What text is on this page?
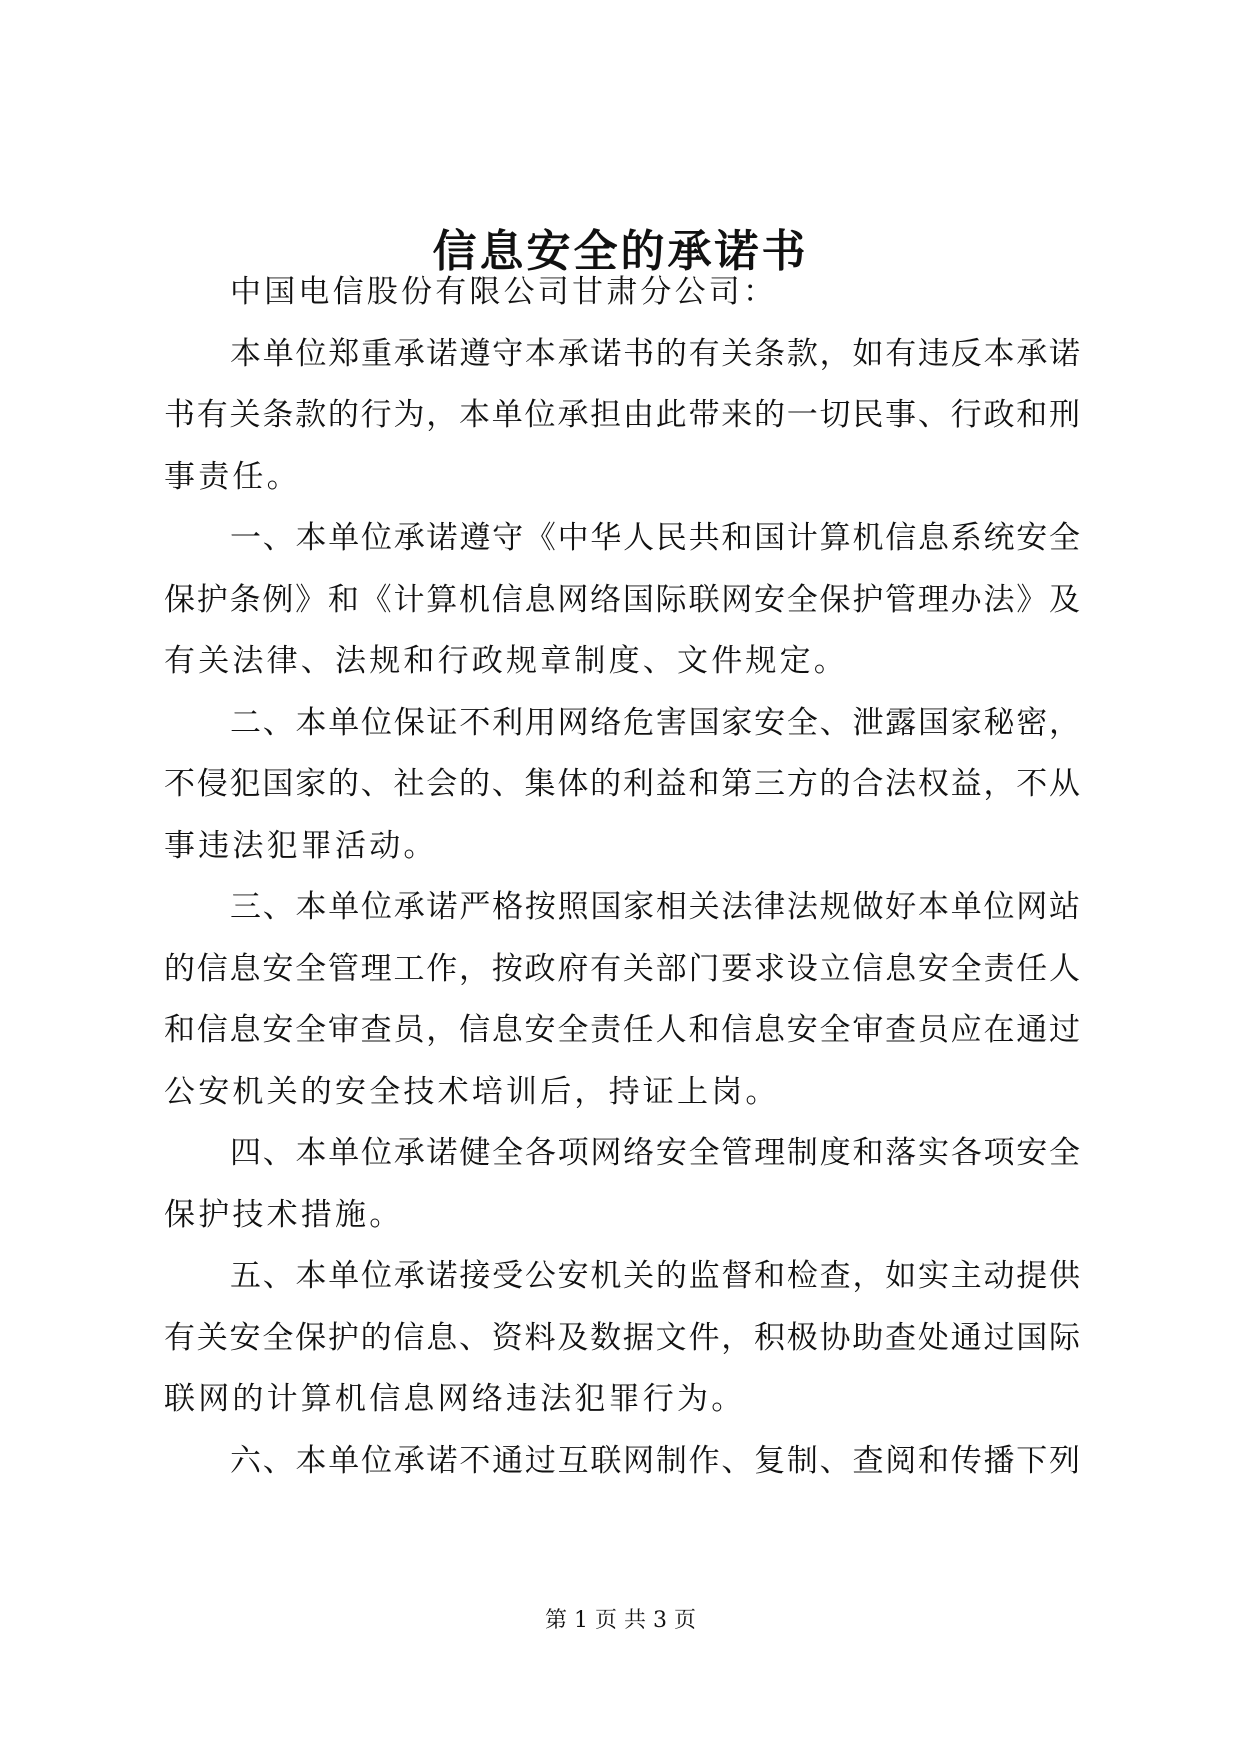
信息安全的承诺书
中国电信股份有限公司甘肃分公司：
本单位郑重承诺遵守本承诺书的有关条款，如有违反本承诺
书有关条款的行为，本单位承担由此带来的一切民事、行政和刑
事责任。
一、本单位承诺遵守《中华人民共和国计算机信息系统安全
保护条例》和《计算机信息网络国际联网安全保护管理办法》及
有关法律、法规和行政规章制度、文件规定。
二、本单位保证不利用网络危害国家安全、泄露国家秘密，
不侵犯国家的、社会的、集体的利益和第三方的合法权益，不从
事违法犯罪活动。
三、本单位承诺严格按照国家相关法律法规做好本单位网站
的信息安全管理工作，按政府有关部门要求设立信息安全责任人
和信息安全审查员，信息安全责任人和信息安全审查员应在通过
公安机关的安全技术培训后，持证上岗。
四、本单位承诺健全各项网络安全管理制度和落实各项安全
保护技术措施。
五、本单位承诺接受公安机关的监督和检查，如实主动提供
有关安全保护的信息、资料及数据文件，积极协助查处通过国际
联网的计算机信息网络违法犯罪行为。
六、本单位承诺不通过互联网制作、复制、查阅和传播下列
第 1 页 共 3 页
